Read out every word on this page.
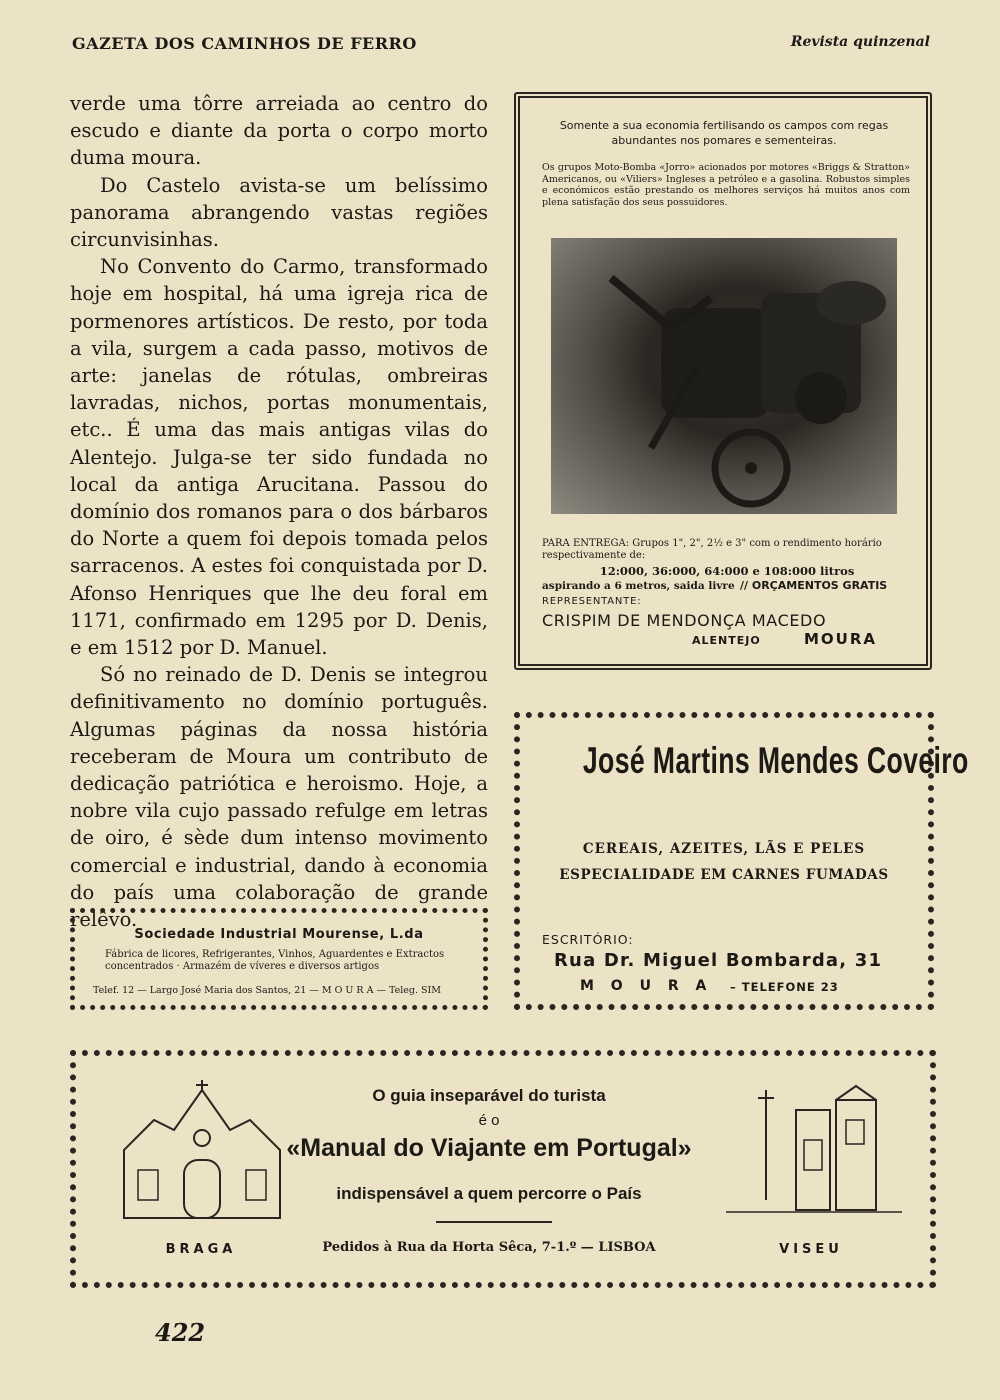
GAZETA DOS CAMINHOS DE FERRO	Revista quinzenal

verde uma tôrre arreiada ao centro do escudo e diante da porta o corpo morto duma moura.

Do Castelo avista-se um belíssimo panorama abrangendo vastas regiões circunvisinhas.

No Convento do Carmo, transformado hoje em hospital, há uma igreja rica de pormenores artísticos. De resto, por toda a vila, surgem a cada passo, motivos de arte: janelas de rótulas, ombreiras lavradas, nichos, portas monumentais, etc.. É uma das mais antigas vilas do Alentejo. Julga-se ter sido fundada no local da antiga Arucitana. Passou do domínio dos romanos para o dos bárbaros do Norte a quem foi depois tomada pelos sarracenos. A estes foi conquistada por D. Afonso Henriques que lhe deu foral em 1171, confirmado em 1295 por D. Denis, e em 1512 por D. Manuel.

Só no reinado de D. Denis se integrou definitivamento no domínio português. Algumas páginas da nossa história receberam de Moura um contributo de dedicação patriótica e heroismo. Hoje, a nobre vila cujo passado refulge em letras de oiro, é sède dum intenso movimento comercial e industrial, dando à economia do país uma colaboração de grande relêvo.

Somente a sua economia fertilisando os campos com regas abundantes nos pomares e sementeiras.
Os grupos Moto-Bomba «Jorro» acionados por motores «Briggs & Stratton» Americanos, ou «Viliers» Ingleses a petróleo e a gasolina. Robustos simples e económicos estão prestando os melhores serviços há muitos anos com plena satisfação dos seus possuidores.
PARA ENTREGA: Grupos 1", 2", 2½ e 3" com o rendimento horário respectivamente de:
12:000, 36:000, 64:000 e 108:000 litros
aspirando a 6 metros, saida livre // ORÇAMENTOS GRATIS
REPRESENTANTE:
CRISPIM DE MENDONÇA MACEDO
ALENTEJO	MOURA
José Martins Mendes Coveiro
CEREAIS, AZEITES, LÃS E PELES
ESPECIALIDADE EM CARNES FUMADAS
ESCRITÓRIO:
Rua Dr. Miguel Bombarda, 31
M O U R A – TELEFONE 23
Sociedade Industrial Mourense, L.da
Fábrica de licores, Refrigerantes, Vinhos, Aguardentes e Extractos concentrados · Armazém de víveres e diversos artigos
Telef. 12 — Largo José Maria dos Santos, 21 — M O U R A — Teleg. SIM
BRAGA
O guia inseparável do turista
é o
«Manual do Viajante em Portugal»
indispensável a quem percorre o País
Pedidos à Rua da Horta Sêca, 7-1.º — LISBOA	VISEU
422
